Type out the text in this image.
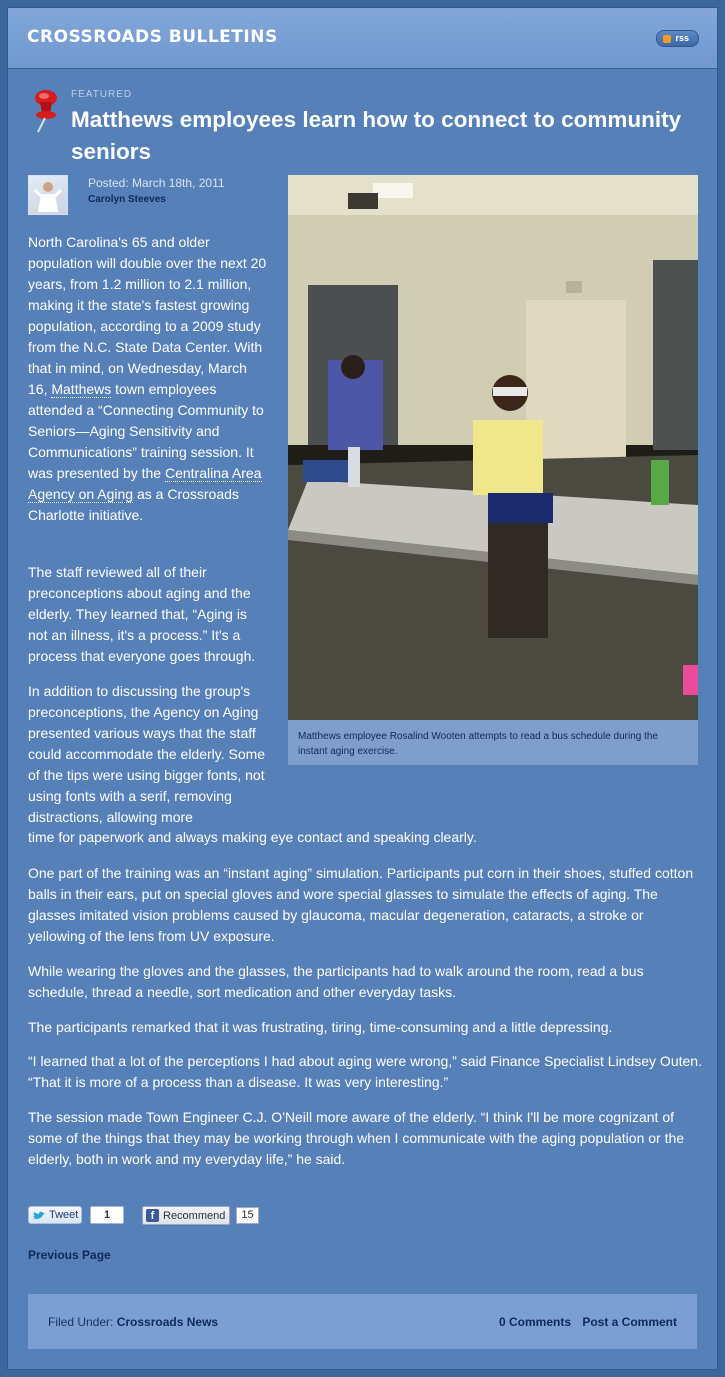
CROSSROADS BULLETINS	rss
FEATURED
Matthews employees learn how to connect to community seniors
Posted: March 18th, 2011
Carolyn Steeves
Matthews employee Rosalind Wooten attempts to read a bus schedule during the instant aging exercise.

North Carolina's 65 and older population will double over the next 20 years, from 1.2 million to 2.1 million, making it the state's fastest growing population, according to a 2009 study from the N.C. State Data Center. With that in mind, on Wednesday, March 16, Matthews town employees attended a “Connecting Community to Seniors—Aging Sensitivity and Communications” training session. It was presented by the Centralina Area Agency on Aging as a Crossroads Charlotte initiative.

The staff reviewed all of their preconceptions about aging and the elderly. They learned that, “Aging is not an illness, it's a process.” It's a process that everyone goes through.

In addition to discussing the group's preconceptions, the Agency on Aging presented various ways that the staff could accommodate the elderly. Some of the tips were using bigger fonts, not using fonts with a serif, removing distractions, allowing more

time for paperwork and always making eye contact and speaking clearly.

One part of the training was an “instant aging” simulation. Participants put corn in their shoes, stuffed cotton balls in their ears, put on special gloves and wore special glasses to simulate the effects of aging. The glasses imitated vision problems caused by glaucoma, macular degeneration, cataracts, a stroke or yellowing of the lens from UV exposure.

While wearing the gloves and the glasses, the participants had to walk around the room, read a bus schedule, thread a needle, sort medication and other everyday tasks.

The participants remarked that it was frustrating, tiring, time-consuming and a little depressing.

“I learned that a lot of the perceptions I had about aging were wrong,” said Finance Specialist Lindsey Outen. “That it is more of a process than a disease. It was very interesting.”

The session made Town Engineer C.J. O'Neill more aware of the elderly. “I think I'll be more cognizant of some of the things that they may be working through when I communicate with the aging population or the elderly, both in work and my everyday life,” he said.

Tweet	1	f Recommend	15
Previous Page
Filed Under: Crossroads News	0 Comments Post a Comment
